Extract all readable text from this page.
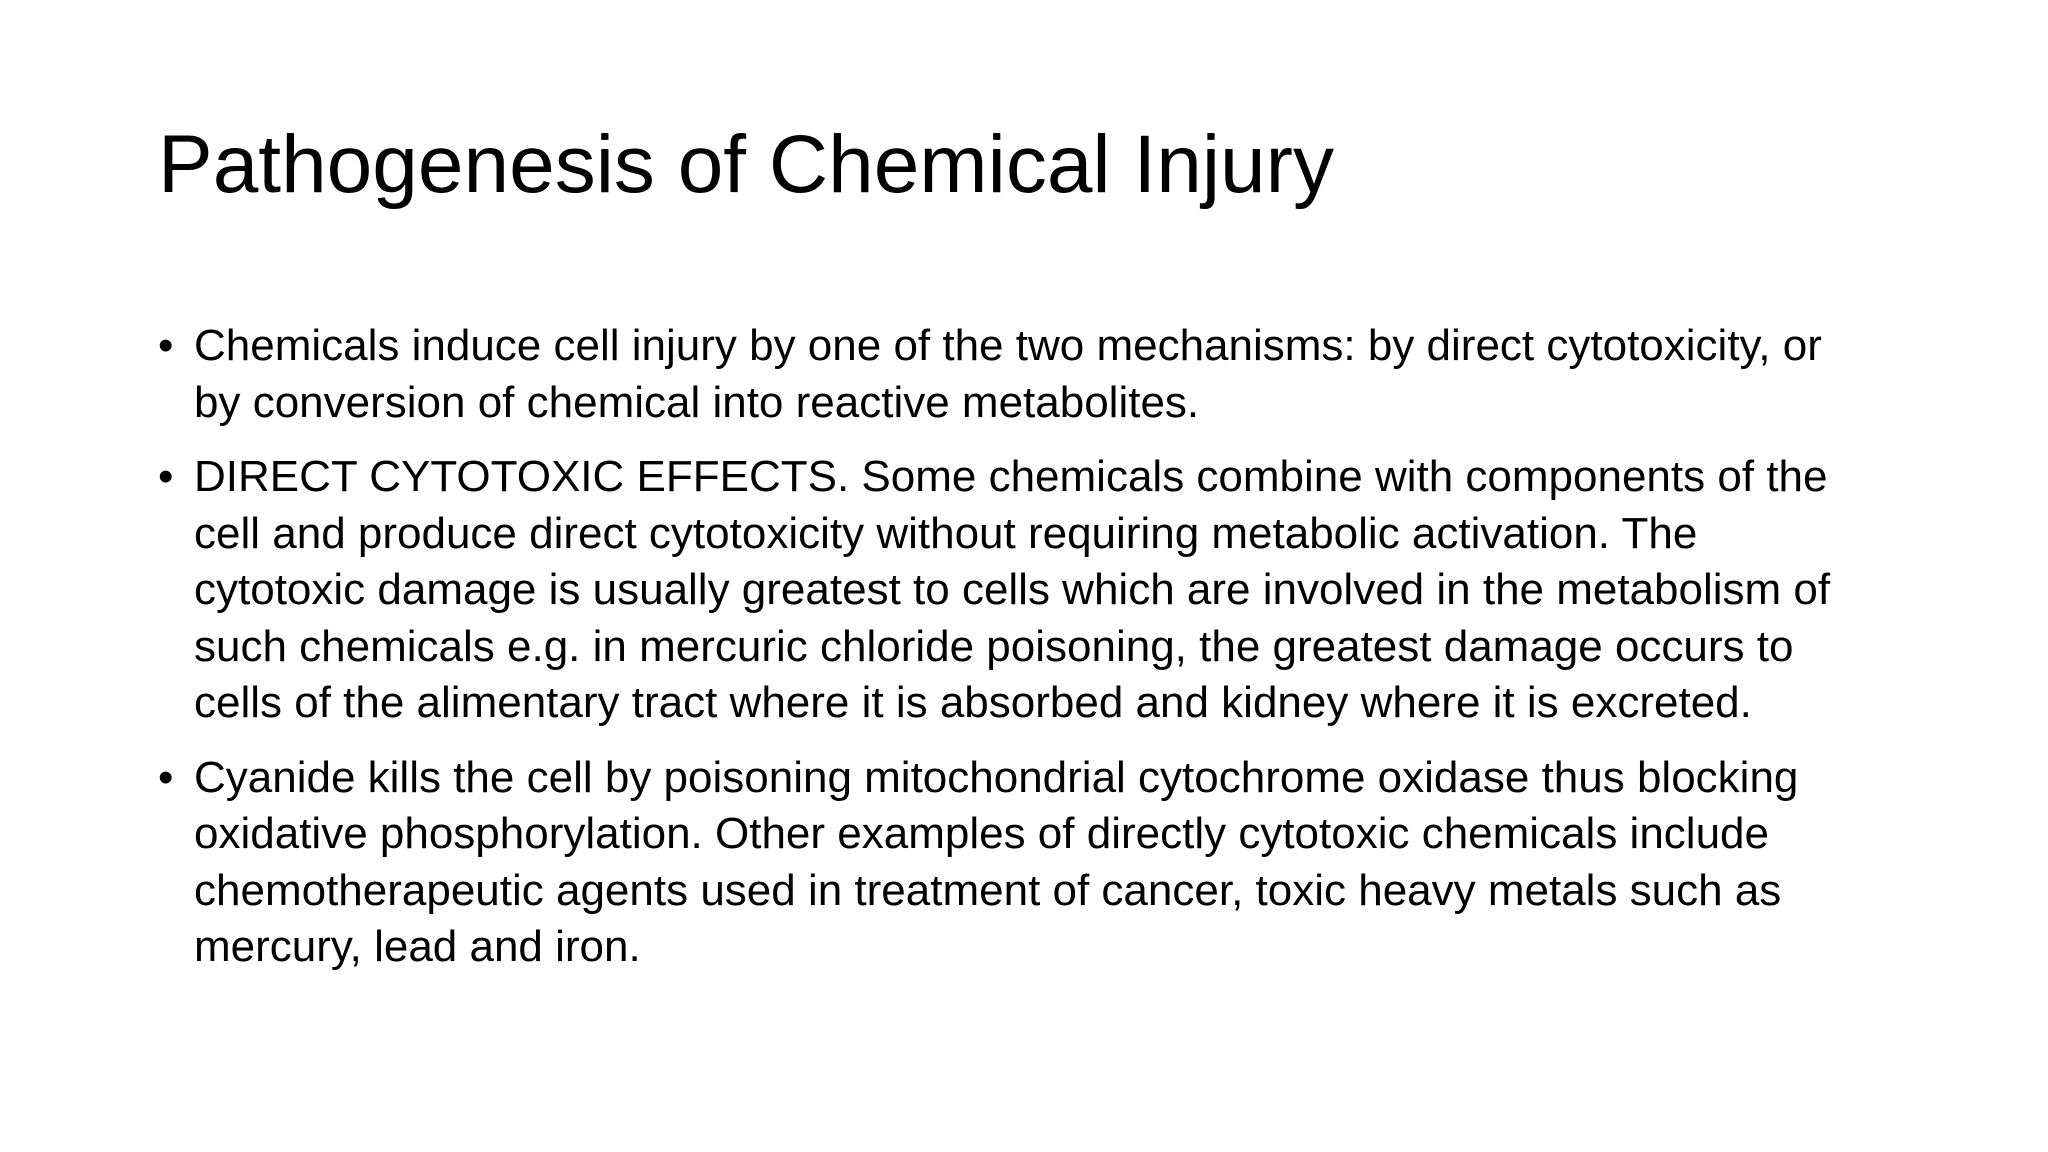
Pathogenesis of Chemical Injury
• Chemicals induce cell injury by one of the two mechanisms: by direct cytotoxicity, or by conversion of chemical into reactive metabolites.
• DIRECT CYTOTOXIC EFFECTS. Some chemicals combine with components of the cell and produce direct cytotoxicity without requiring metabolic activation. The cytotoxic damage is usually greatest to cells which are involved in the metabolism of such chemicals e.g. in mercuric chloride poisoning, the greatest damage occurs to cells of the alimentary tract where it is absorbed and kidney where it is excreted.
• Cyanide kills the cell by poisoning mitochondrial cytochrome oxidase thus blocking oxidative phosphorylation. Other examples of directly cytotoxic chemicals include chemotherapeutic agents used in treatment of cancer, toxic heavy metals such as mercury, lead and iron.
